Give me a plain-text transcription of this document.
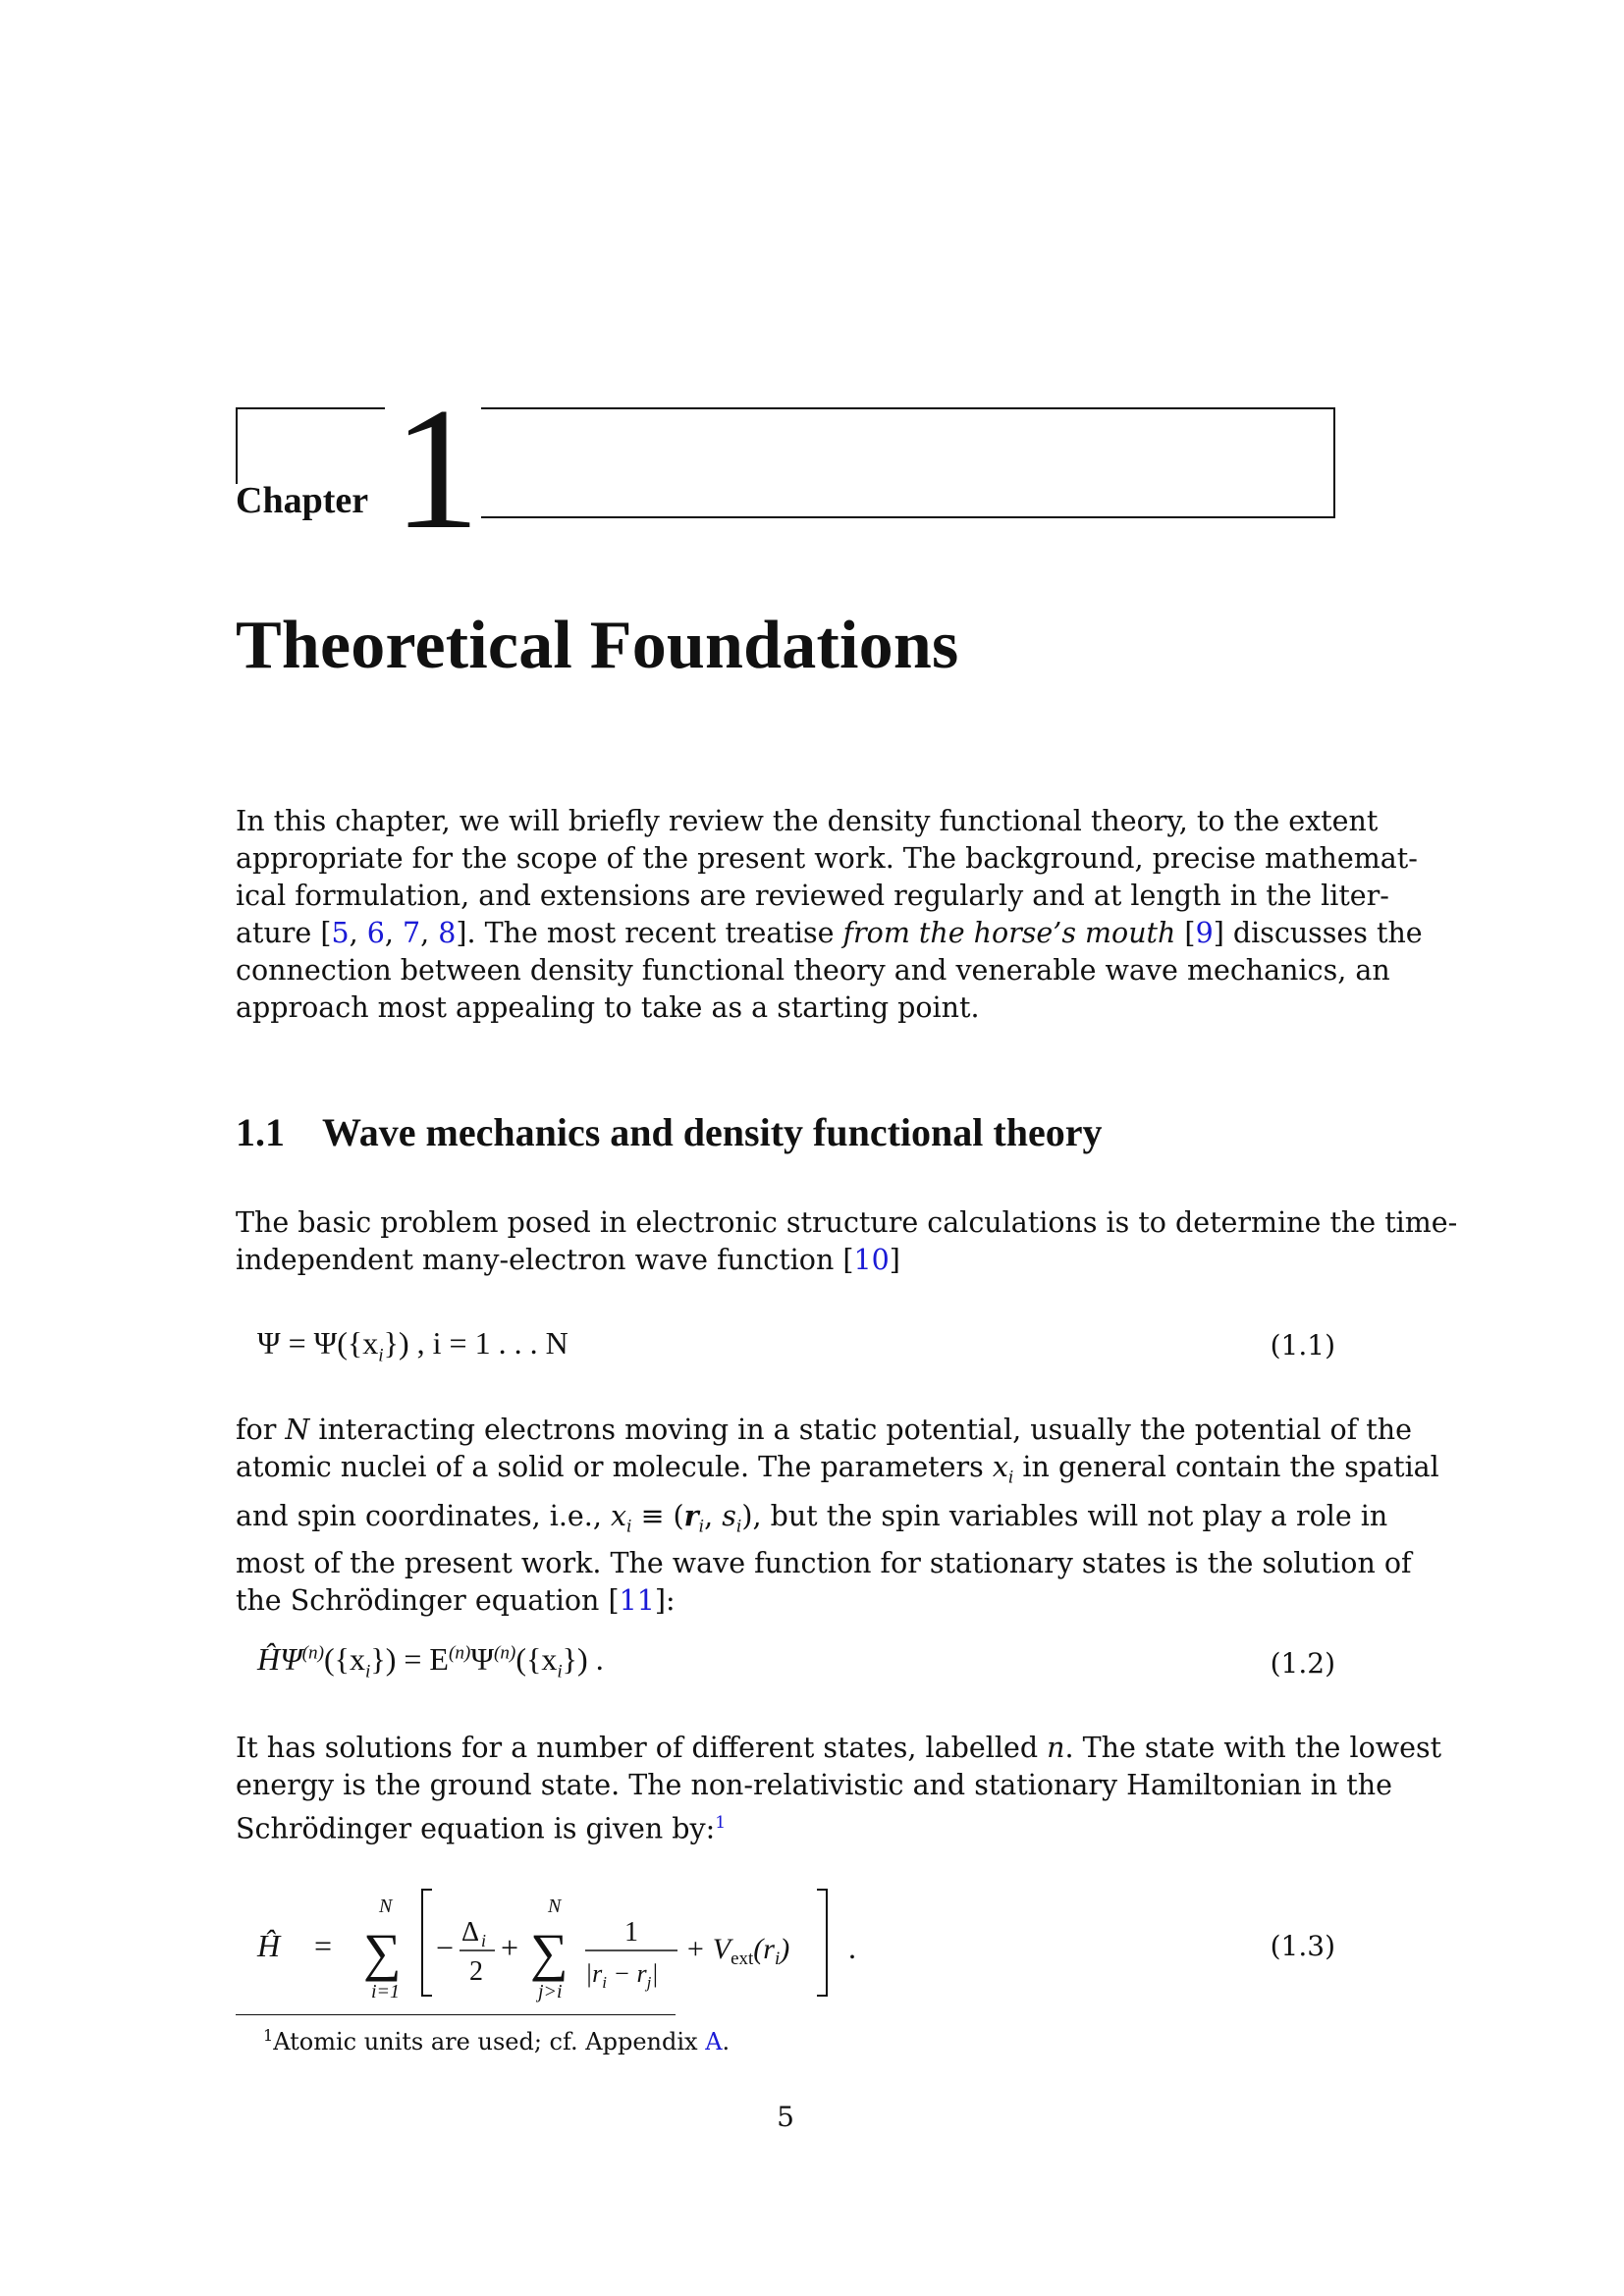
Chapter 1
Theoretical Foundations
In this chapter, we will briefly review the density functional theory, to the extent
appropriate for the scope of the present work. The background, precise mathemat-
ical formulation, and extensions are reviewed regularly and at length in the liter-
ature [5, 6, 7, 8]. The most recent treatise from the horse’s mouth [9] discusses the
connection between density functional theory and venerable wave mechanics, an
approach most appealing to take as a starting point.
1.1 Wave mechanics and density functional theory
The basic problem posed in electronic structure calculations is to determine the time-
independent many-electron wave function [10]
$\Psi = \Psi(\{x_i\})$ , i = 1 . . . N	(1.1)
for N interacting electrons moving in a static potential, usually the potential of the
atomic nuclei of a solid or molecule. The parameters $x_i$ in general contain the spatial
and spin coordinates, i.e., $x_i \equiv (r_i$, $s_i$), but the spin variables will not play a role in
most of the present work. The wave function for stationary states is the solution of
the Schrödinger equation [11]:
$Ĥ\Psi^{(n)}(\{x_i\}) = E^{(n)}\Psi^{(n)}(\{x_i\})$ .	(1.2)
It has solutions for a number of different states, labelled n. The state with the lowest
energy is the ground state. The non-relativistic and stationary Hamiltonian in the
Schrödinger equation is given by:$^1$
Ĥ =
N
∑
i=1
− Δ i
2
+
N
∑
j>i
1
$|r_i - r_j|$
+ $V_{ext}(r_i)$ .	(1.3)
$^1$Atomic units are used; cf. Appendix A.
5
